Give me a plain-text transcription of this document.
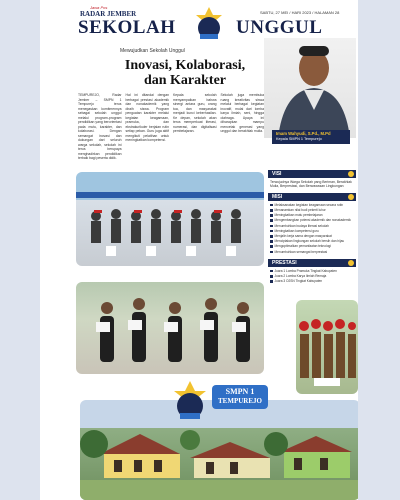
Jawa Pos
RADAR JEMBER
SEKOLAH	UNGGUL
SABTU, 27 MEI / HARI 2023 / HALAMAN 28
Mewujudkan Sekolah Unggul
Inovasi, Kolaborasi,
dan Karakter
Imam Wahyudi, S.Pd., M.Pd
Kepala SMPN 1 Tempurejo

TEMPUREJO, Radar Jember – SMPN 1 Tempurejo terus menegaskan komitmennya sebagai sekolah unggul melalui program-program pendidikan yang berorientasi pada mutu, karakter, dan kolaborasi. Dengan semangat inovasi dan dukungan dari seluruh warga sekolah, sekolah ini terus berupaya menghadirkan pendidikan terbaik bagi peserta didik.

Hal ini ditandai dengan berbagai prestasi akademik dan nonakademik yang diraih siswa. Program penguatan karakter melalui kegiatan keagamaan, pramuka, dan ekstrakurikuler berjalan rutin setiap pekan. Guru juga aktif mengikuti pelatihan untuk meningkatkan kompetensi.

Kepala sekolah menyampaikan bahwa sinergi antara guru, orang tua, dan masyarakat menjadi kunci keberhasilan. Ke depan, sekolah akan terus memperkuat literasi, numerasi, dan digitalisasi pembelajaran.

Sekolah juga membuka ruang kreativitas siswa melalui berbagai kegiatan inovatif, mulai dari lomba karya ilmiah, seni, hingga olahraga. Upaya ini diharapkan mampu mencetak generasi yang unggul dan berakhlak mulia.

SMPN 1
TEMPUREJO
VISI
Terwujudnya Warga Sekolah yang Beriman, Berakhlak Mulia, Berprestasi, dan Berwawasan Lingkungan
MISI
Melaksanakan kegiatan keagamaan secara rutin
Menanamkan nilai budi pekerti luhur
Meningkatkan mutu pembelajaran
Mengembangkan potensi akademik dan nonakademik
Menumbuhkan budaya literasi sekolah
Meningkatkan kompetensi guru
Menjalin kerja sama dengan masyarakat
Menciptakan lingkungan sekolah bersih dan hijau
Mengoptimalkan pemanfaatan teknologi
Menumbuhkan semangat berprestasi
PRESTASI
Juara 1 Lomba Pramuka Tingkat Kabupaten
Juara 2 Lomba Karya Ilmiah Remaja
Juara 3 O2SN Tingkat Kabupaten
